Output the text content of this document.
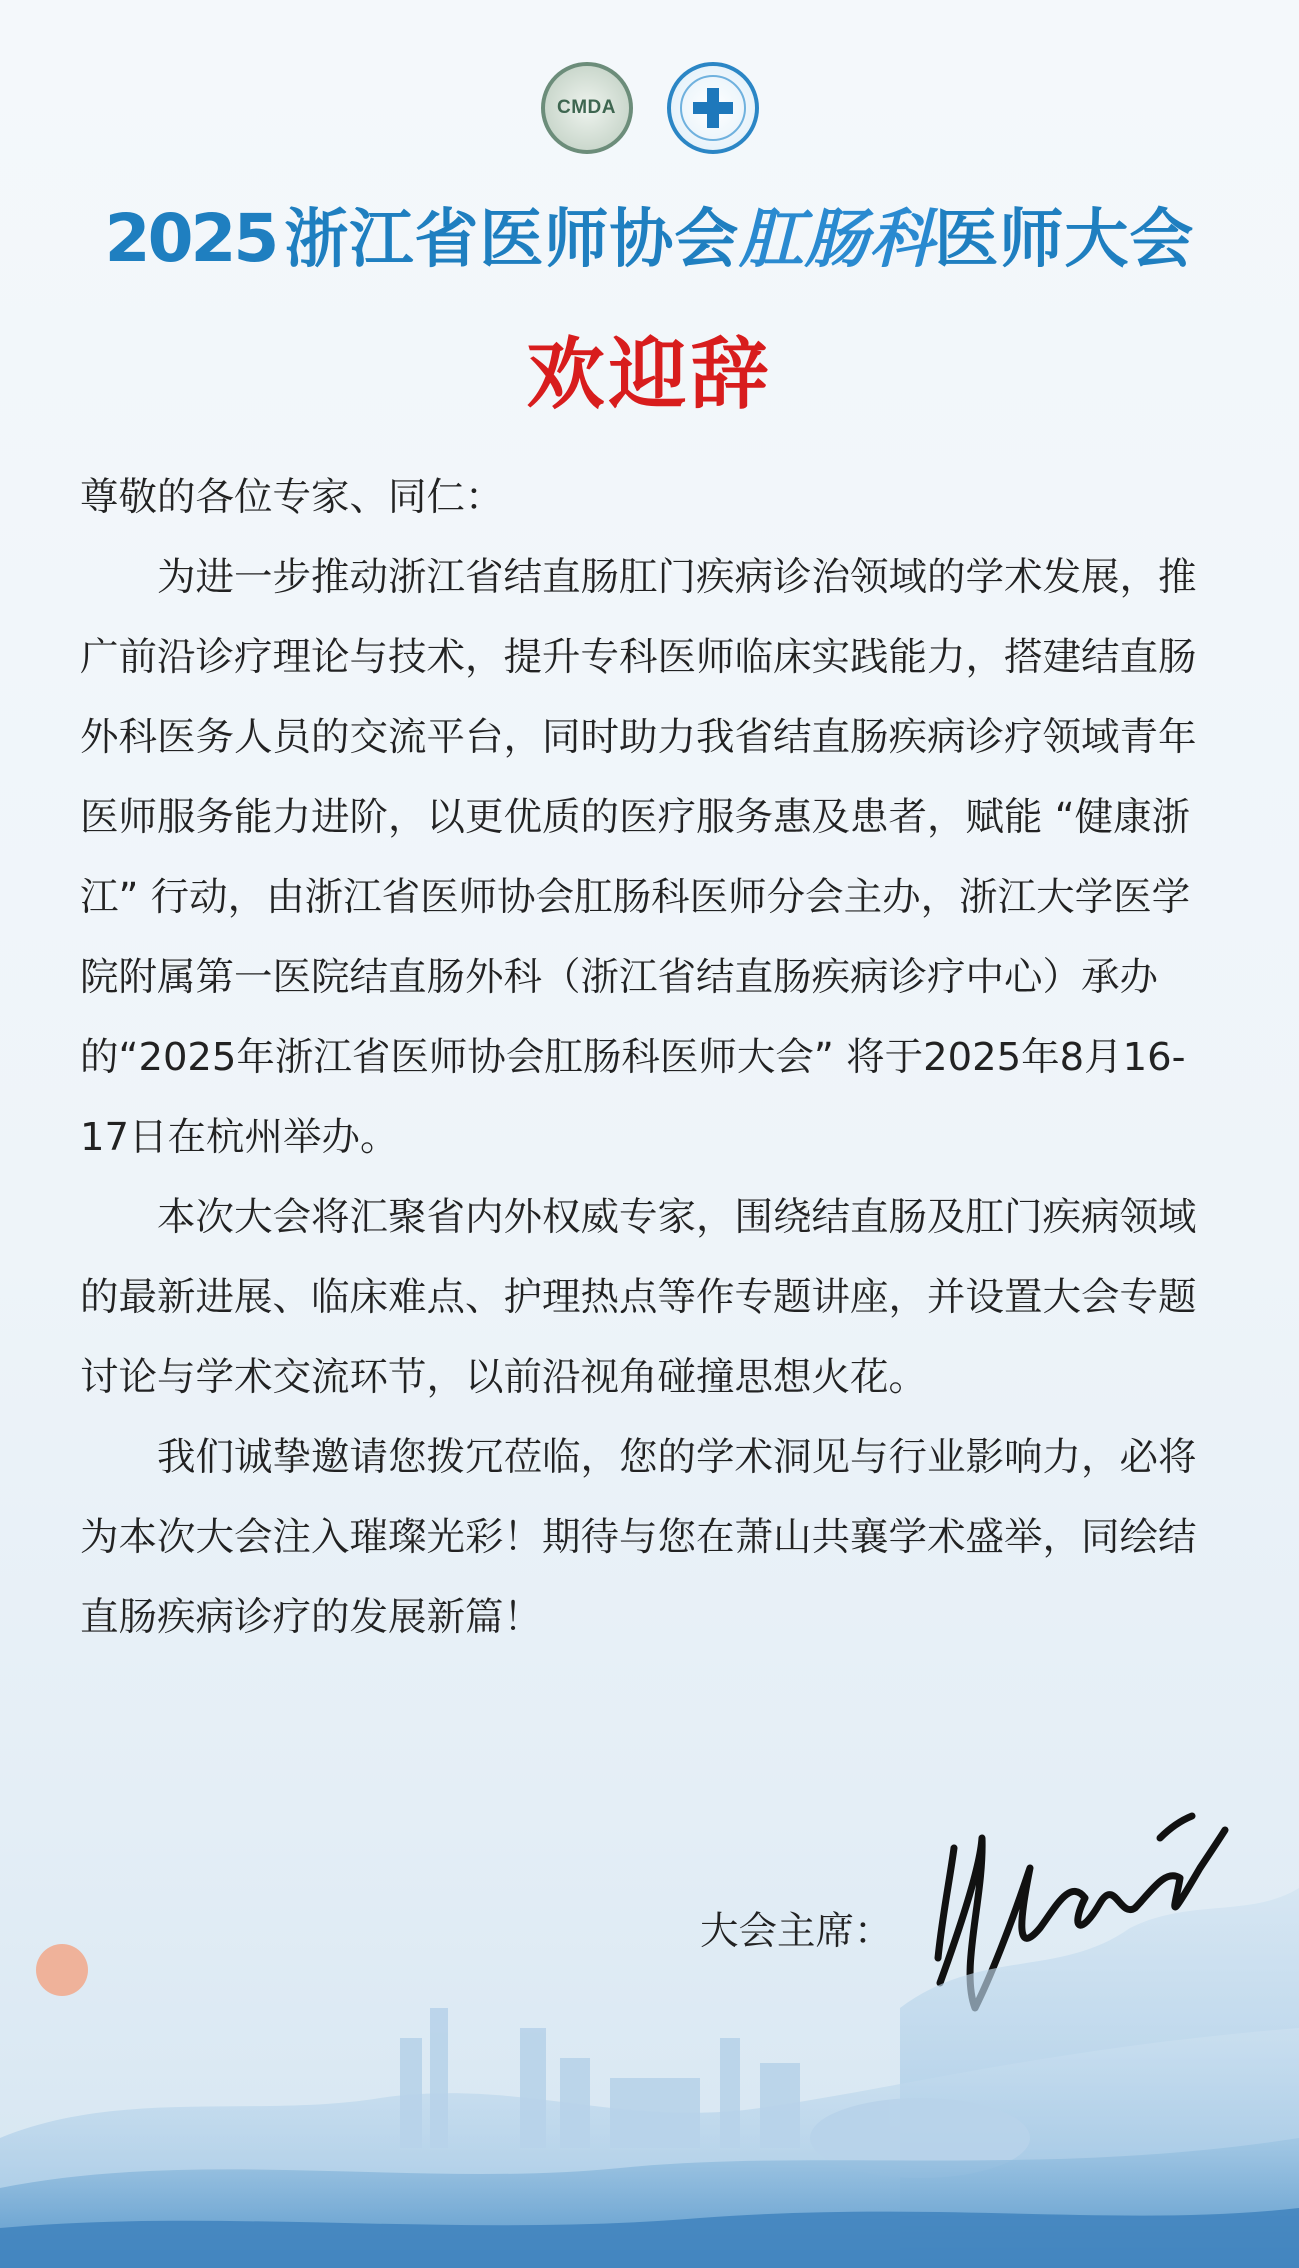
CMDA
2025 浙江省医师协会肛肠科医师大会
欢迎辞

尊敬的各位专家、同仁：

为进一步推动浙江省结直肠肛门疾病诊治领域的学术发展，推广前沿诊疗理论与技术，提升专科医师临床实践能力，搭建结直肠外科医务人员的交流平台，同时助力我省结直肠疾病诊疗领域青年医师服务能力进阶，以更优质的医疗服务惠及患者，赋能 “健康浙江” 行动，由浙江省医师协会肛肠科医师分会主办，浙江大学医学院附属第一医院结直肠外科（浙江省结直肠疾病诊疗中心）承办的“2025年浙江省医师协会肛肠科医师大会” 将于2025年8月16-17日在杭州举办。

本次大会将汇聚省内外权威专家，围绕结直肠及肛门疾病领域的最新进展、临床难点、护理热点等作专题讲座，并设置大会专题讨论与学术交流环节，以前沿视角碰撞思想火花。

我们诚挚邀请您拨冗莅临，您的学术洞见与行业影响力，必将为本次大会注入璀璨光彩！期待与您在萧山共襄学术盛举，同绘结直肠疾病诊疗的发展新篇！

大会主席：
